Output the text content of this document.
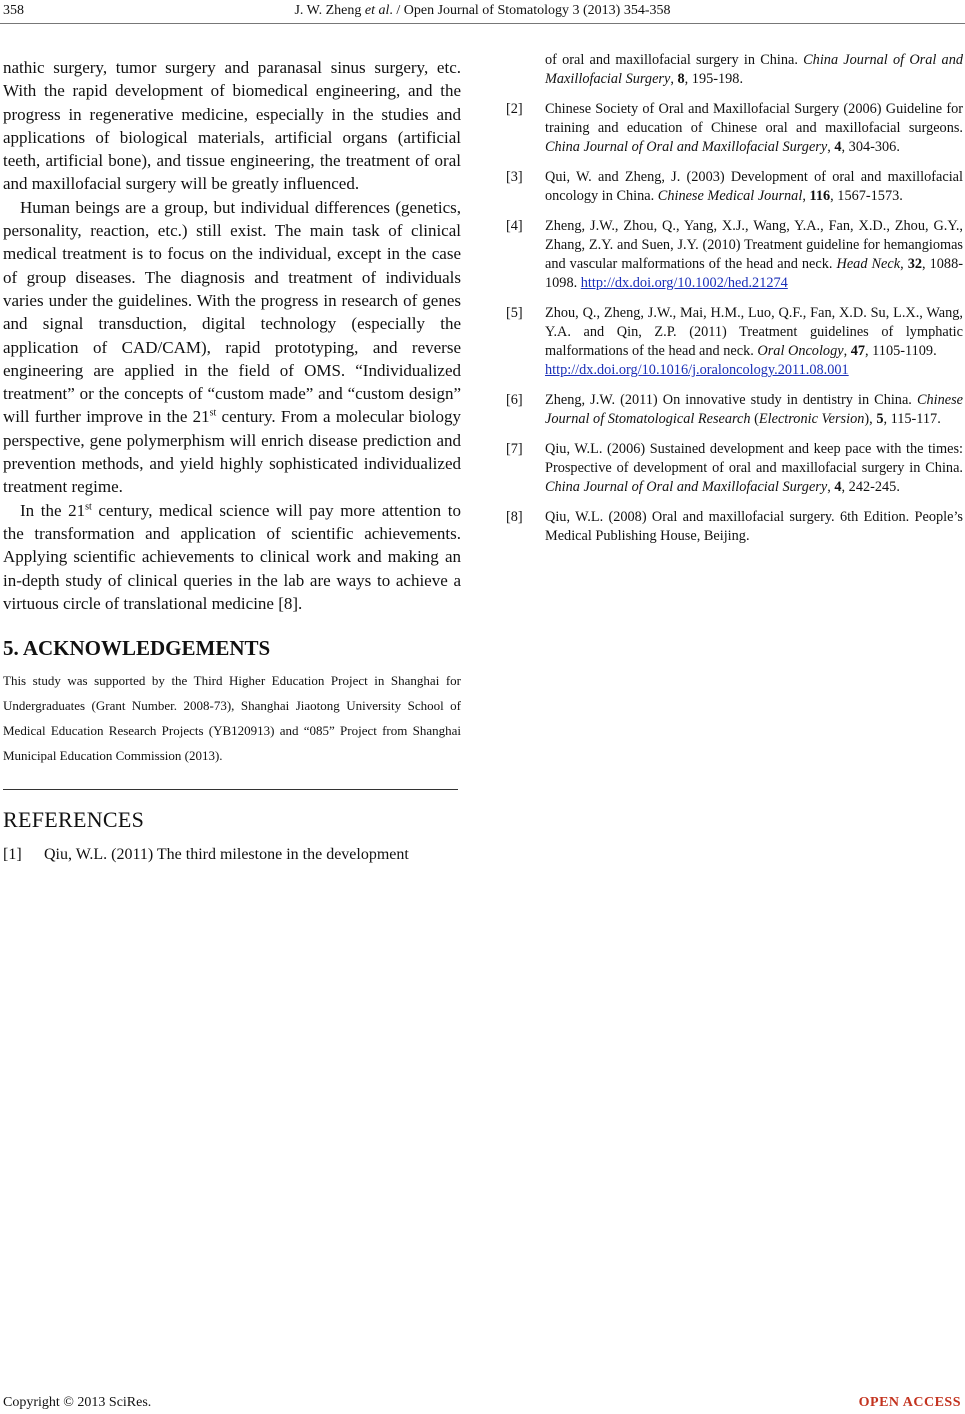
358	J. W. Zheng et al. / Open Journal of Stomatology 3 (2013) 354-358

nathic surgery, tumor surgery and paranasal sinus surgery, etc. With the rapid development of biomedical engineering, and the progress in regenerative medicine, especially in the studies and applications of biological materials, artificial organs (artificial teeth, artificial bone), and tissue engineering, the treatment of oral and maxillofacial surgery will be greatly influenced.

Human beings are a group, but individual differences (genetics, personality, reaction, etc.) still exist. The main task of clinical medical treatment is to focus on the individual, except in the case of group diseases. The diagnosis and treatment of individuals varies under the guidelines. With the progress in research of genes and signal transduction, digital technology (especially the application of CAD/CAM), rapid prototyping, and reverse engineering are applied in the field of OMS. “Individualized treatment” or the concepts of “custom made” and “custom design” will further improve in the 21st century. From a molecular biology perspective, gene polymerphism will enrich disease prediction and prevention methods, and yield highly sophisticated individualized treatment regime.

In the 21st century, medical science will pay more attention to the transformation and application of scientific achievements. Applying scientific achievements to clinical work and making an in-depth study of clinical queries in the lab are ways to achieve a virtuous circle of translational medicine [8].

5. ACKNOWLEDGEMENTS

This study was supported by the Third Higher Education Project in Shanghai for Undergraduates (Grant Number. 2008-73), Shanghai Jiaotong University School of Medical Education Research Projects (YB120913) and “085” Project from Shanghai Municipal Education Commission (2013).

REFERENCES
[1] Qiu, W.L. (2011) The third milestone in the development
of oral and maxillofacial surgery in China. China Journal of Oral and Maxillofacial Surgery, 8, 195-198.
[2] Chinese Society of Oral and Maxillofacial Surgery (2006) Guideline for training and education of Chinese oral and maxillofacial surgeons. China Journal of Oral and Maxillofacial Surgery, 4, 304-306.
[3] Qui, W. and Zheng, J. (2003) Development of oral and maxillofacial oncology in China. Chinese Medical Journal, 116, 1567-1573.
[4] Zheng, J.W., Zhou, Q., Yang, X.J., Wang, Y.A., Fan, X.D., Zhou, G.Y., Zhang, Z.Y. and Suen, J.Y. (2010) Treatment guideline for hemangiomas and vascular malformations of the head and neck. Head Neck, 32, 1088-1098. http://dx.doi.org/10.1002/hed.21274
[5] Zhou, Q., Zheng, J.W., Mai, H.M., Luo, Q.F., Fan, X.D. Su, L.X., Wang, Y.A. and Qin, Z.P. (2011) Treatment guidelines of lymphatic malformations of the head and neck. Oral Oncology, 47, 1105-1109.
http://dx.doi.org/10.1016/j.oraloncology.2011.08.001
[6] Zheng, J.W. (2011) On innovative study in dentistry in China. Chinese Journal of Stomatological Research (Electronic Version), 5, 115-117.
[7] Qiu, W.L. (2006) Sustained development and keep pace with the times: Prospective of development of oral and maxillofacial surgery in China. China Journal of Oral and Maxillofacial Surgery, 4, 242-245.
[8] Qiu, W.L. (2008) Oral and maxillofacial surgery. 6th Edition. People’s Medical Publishing House, Beijing.
Copyright © 2013 SciRes.	OPEN ACCESS
